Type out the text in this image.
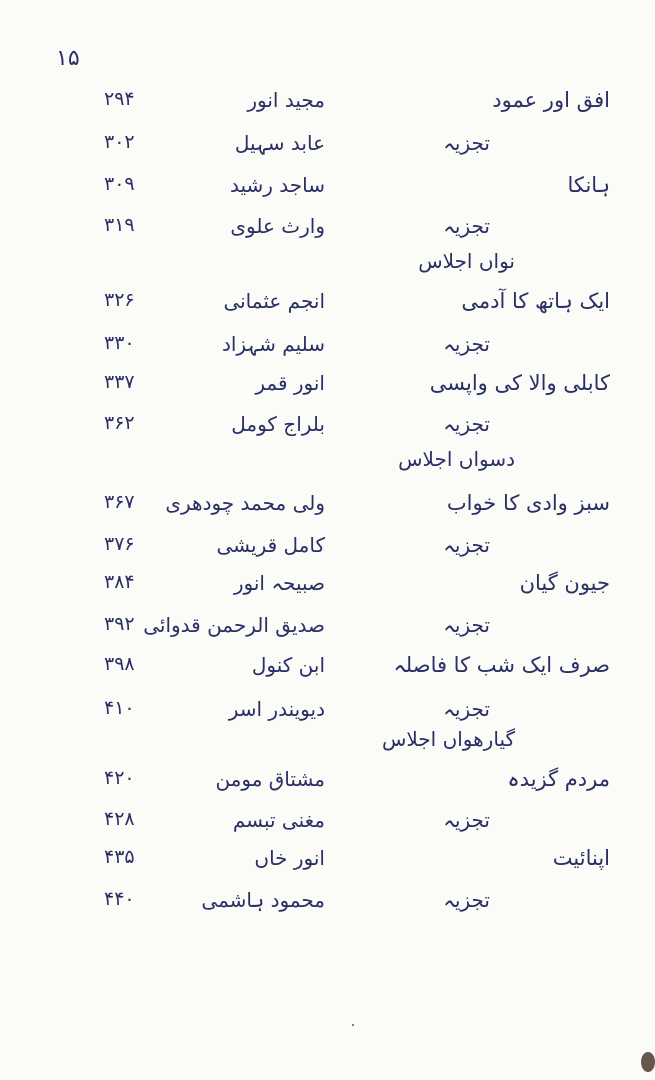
۱۵
افق اور عمود
مجید انور
۲۹۴
تجزیہ
عابد سہیل
۳۰۲
ہانکا
ساجد رشید
۳۰۹
تجزیہ
وارث علوی
۳۱۹
نواں اجلاس
ایک ہاتھ کا آدمی
انجم عثمانی
۳۲۶
تجزیہ
سلیم شہزاد
۳۳۰
کابلی والا کی واپسی
انور قمر
۳۳۷
تجزیہ
بلراج کومل
۳۶۲
دسواں اجلاس
سبز وادی کا خواب
ولی محمد چودھری
۳۶۷
تجزیہ
کامل قریشی
۳۷۶
جیون گیان
صبیحہ انور
۳۸۴
تجزیہ
صدیق الرحمن قدوائی
۳۹۲
صرف ایک شب کا فاصلہ
ابن کنول
۳۹۸
تجزیہ
دیویندر اسر
۴۱۰
گیارھواں اجلاس
مردم گزیدہ
مشتاق مومن
۴۲۰
تجزیہ
مغنی تبسم
۴۲۸
اپنائیت
انور خاں
۴۳۵
تجزیہ
محمود ہاشمی
۴۴۰
